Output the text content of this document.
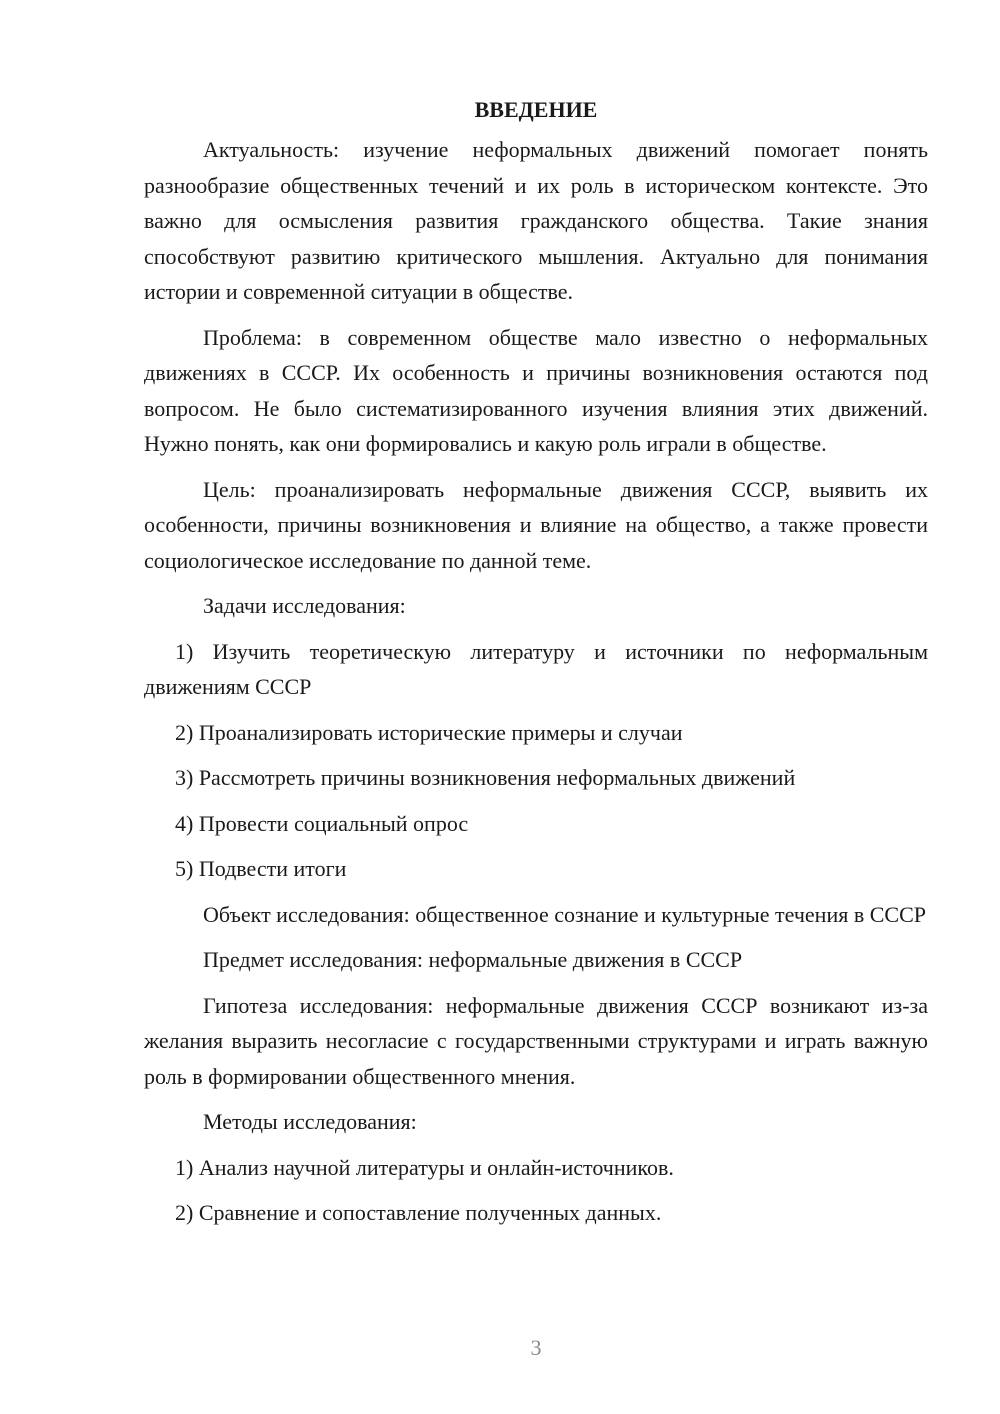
ВВЕДЕНИЕ

Актуальность: изучение неформальных движений помогает понять разнообразие общественных течений и их роль в историческом контексте. Это важно для осмысления развития гражданского общества. Такие знания способствуют развитию критического мышления. Актуально для понимания истории и современной ситуации в обществе.

Проблема: в современном обществе мало известно о неформальных движениях в СССР. Их особенность и причины возникновения остаются под вопросом. Не было систематизированного изучения влияния этих движений. Нужно понять, как они формировались и какую роль играли в обществе.

Цель: проанализировать неформальные движения СССР, выявить их особенности, причины возникновения и влияние на общество, а также провести социологическое исследование по данной теме.

Задачи исследования:

1) Изучить теоретическую литературу и источники по неформальным движениям СССР

2) Проанализировать исторические примеры и случаи

3) Рассмотреть причины возникновения неформальных движений

4) Провести социальный опрос

5) Подвести итоги

Объект исследования: общественное сознание и культурные течения в СССР

Предмет исследования: неформальные движения в СССР

Гипотеза исследования: неформальные движения СССР возникают из-за желания выразить несогласие с государственными структурами и играть важную роль в формировании общественного мнения.

Методы исследования:

1) Анализ научной литературы и онлайн-источников.

2) Сравнение и сопоставление полученных данных.

3
